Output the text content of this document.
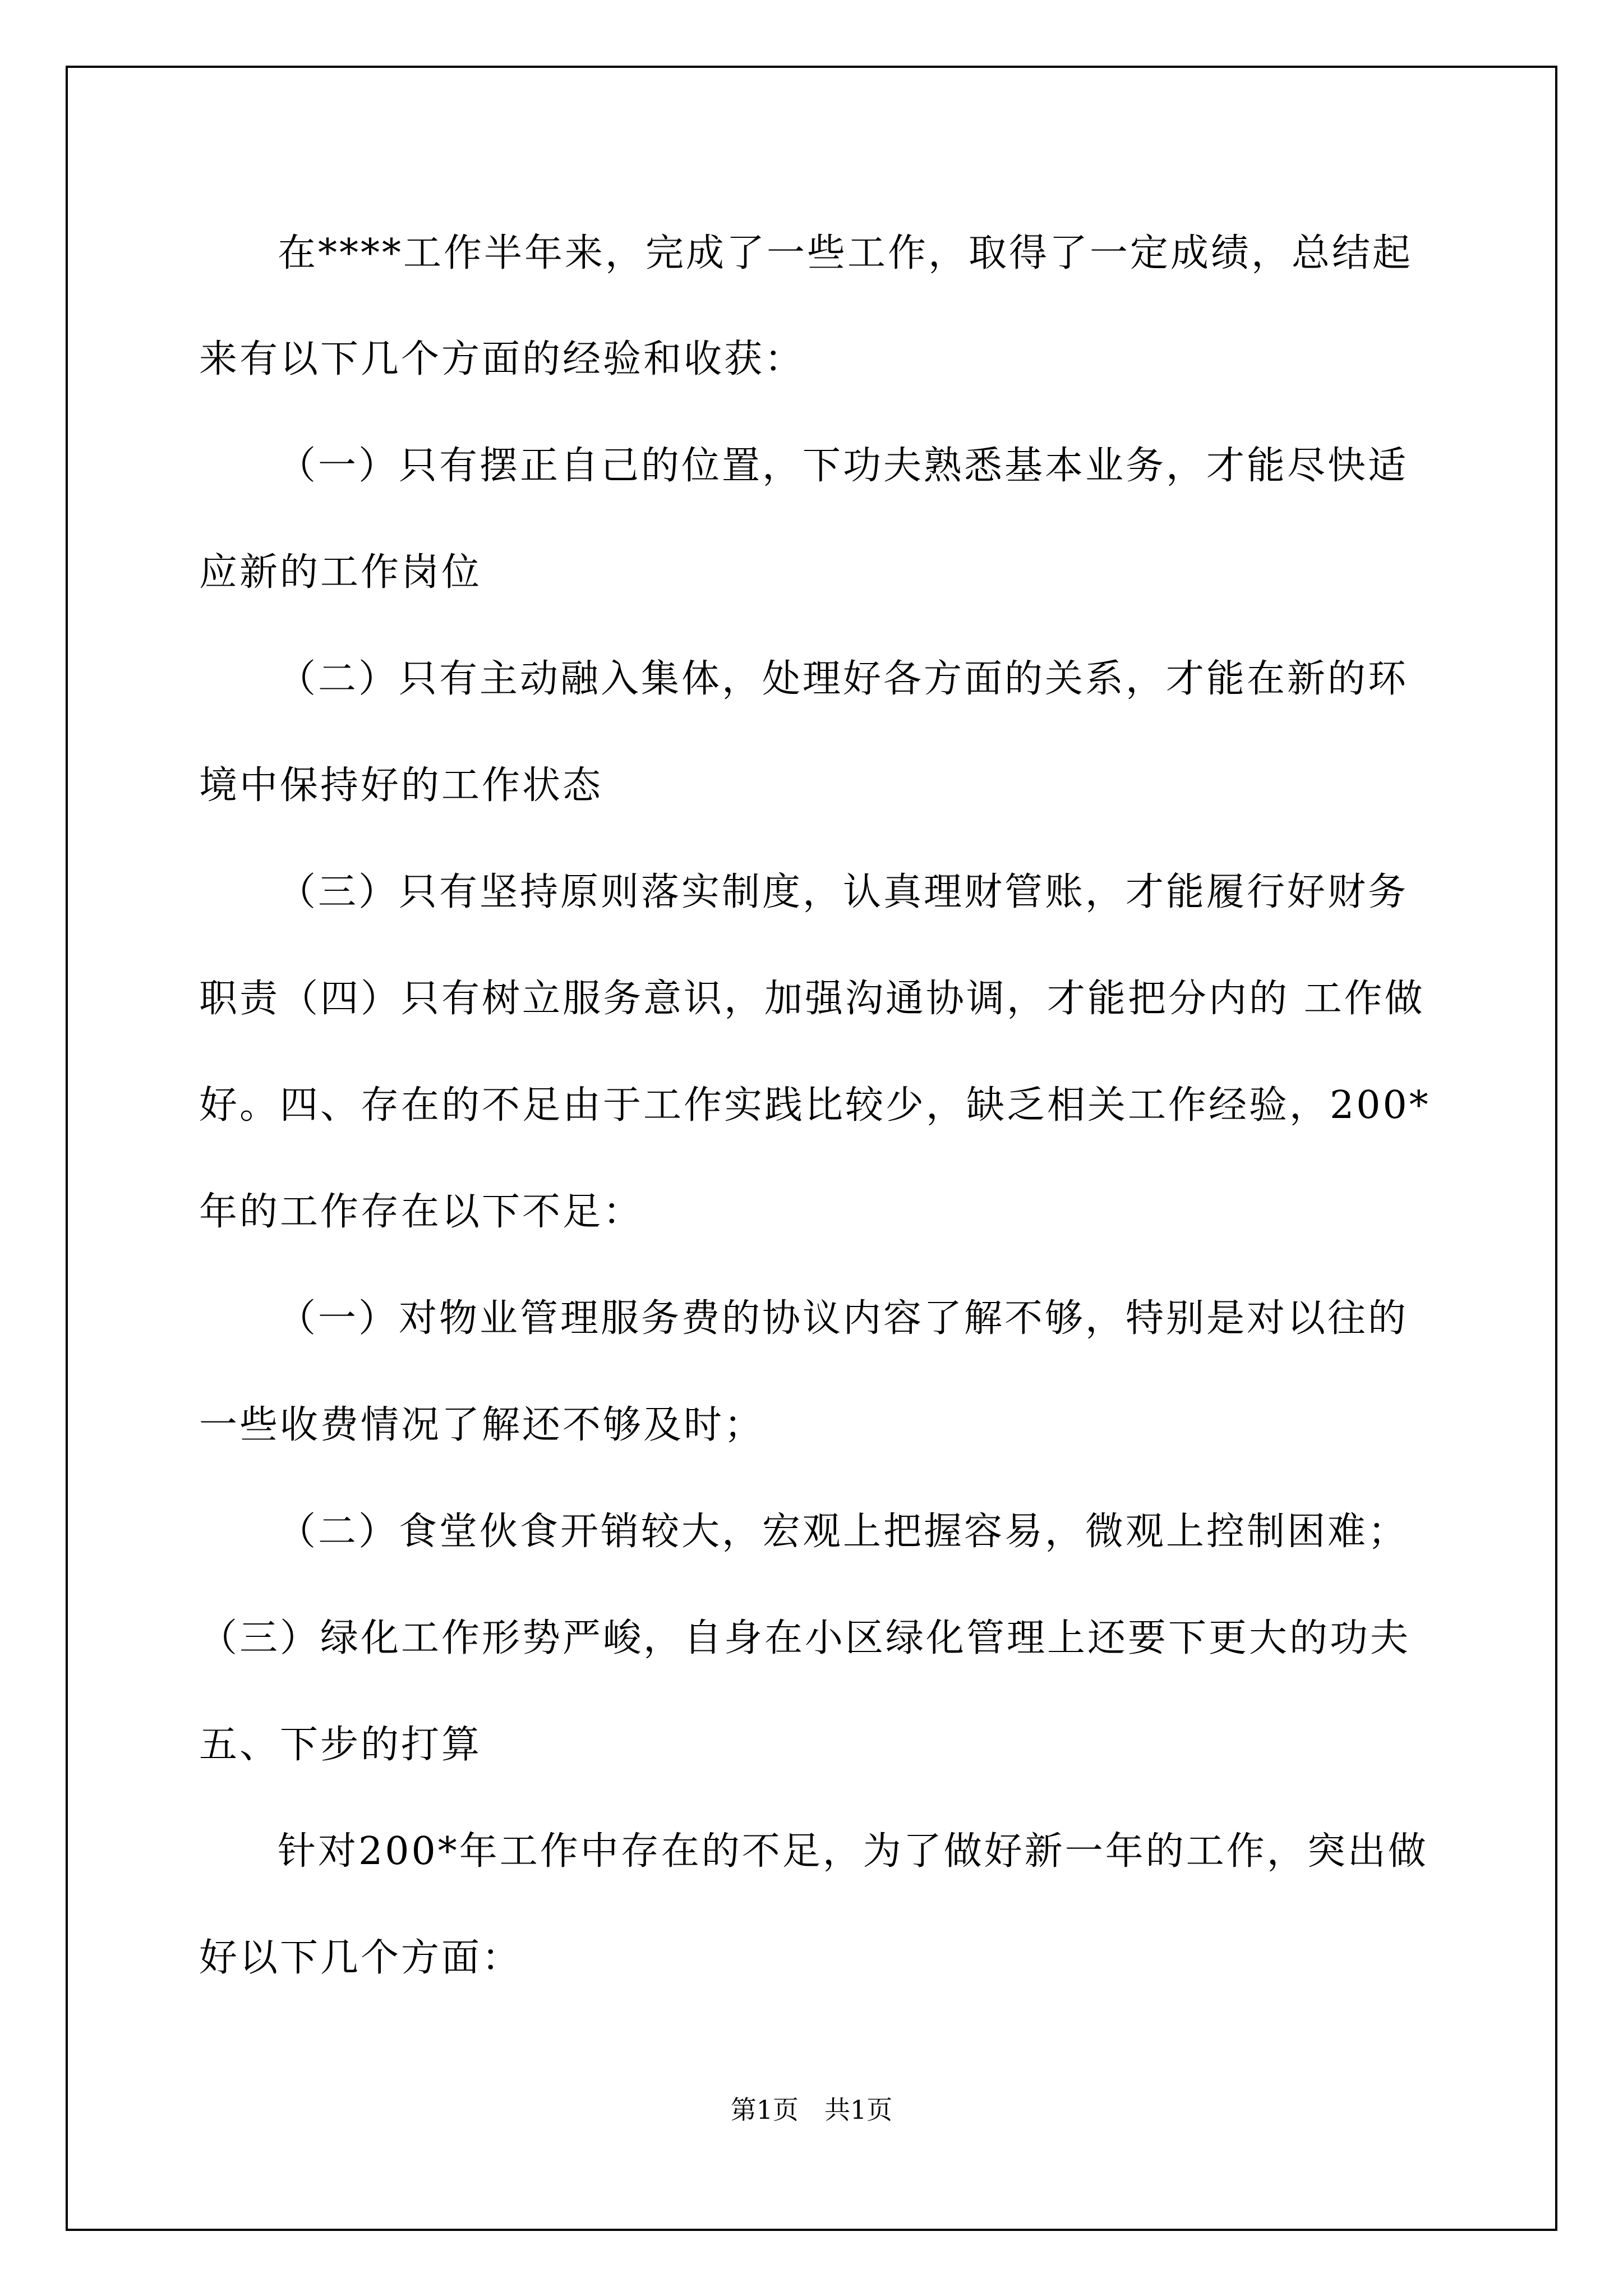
在****工作半年来，完成了一些工作，取得了一定成绩，总结起
来有以下几个方面的经验和收获：
（一）只有摆正自己的位置，下功夫熟悉基本业务，才能尽快适
应新的工作岗位
（二）只有主动融入集体，处理好各方面的关系，才能在新的环
境中保持好的工作状态
（三）只有坚持原则落实制度，认真理财管账，才能履行好财务
职责（四）只有树立服务意识，加强沟通协调，才能把分内的 工作做
好。四、存在的不足由于工作实践比较少，缺乏相关工作经验，200*
年的工作存在以下不足：
（一）对物业管理服务费的协议内容了解不够，特别是对以往的
一些收费情况了解还不够及时；
（二）食堂伙食开销较大，宏观上把握容易，微观上控制困难；
（三）绿化工作形势严峻，自身在小区绿化管理上还要下更大的功夫
五、下步的打算
针对200*年工作中存在的不足，为了做好新一年的工作，突出做
好以下几个方面：
第1页　共1页
